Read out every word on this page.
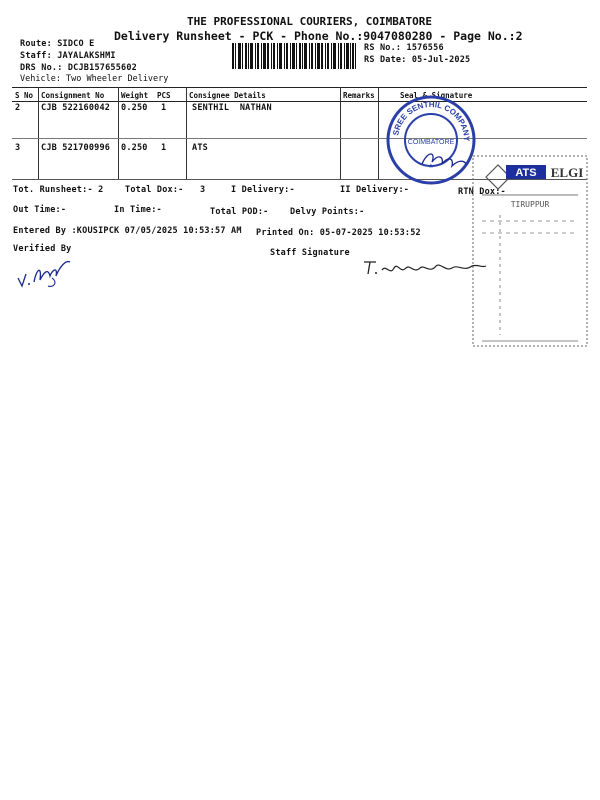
THE PROFESSIONAL COURIERS, COIMBATORE
Delivery Runsheet - PCK - Phone No.:9047080280 - Page No.:2
Route: SIDCO E
Staff: JAYALAKSHMI
DRS No.: DCJB157655602
Vehicle: Two Wheeler Delivery
RS No.: 1576556
RS Date: 05-Jul-2025
S No Consignment No Weight PCS Consignee Details	Remarks	Seal & Signature
2 CJB 522160042 0.250 1	SENTHIL  NATHAN
3 CJB 521700996 0.250 1	ATS
SREE SENTHIL COMPANY
COIMBATORE
★
ATS ELGI
TIRUPPUR
Tot. Runsheet:- 2	Total Dox:- 3	I Delivery:-	II Delivery:-	RTN Dox:-
Out Time:-	In Time:-	Total POD:-	Delvy Points:-
Entered By :KOUSIPCK 07/05/2025 10:53:57 AM Printed On: 05-07-2025 10:53:52
Verified By	Staff Signature
